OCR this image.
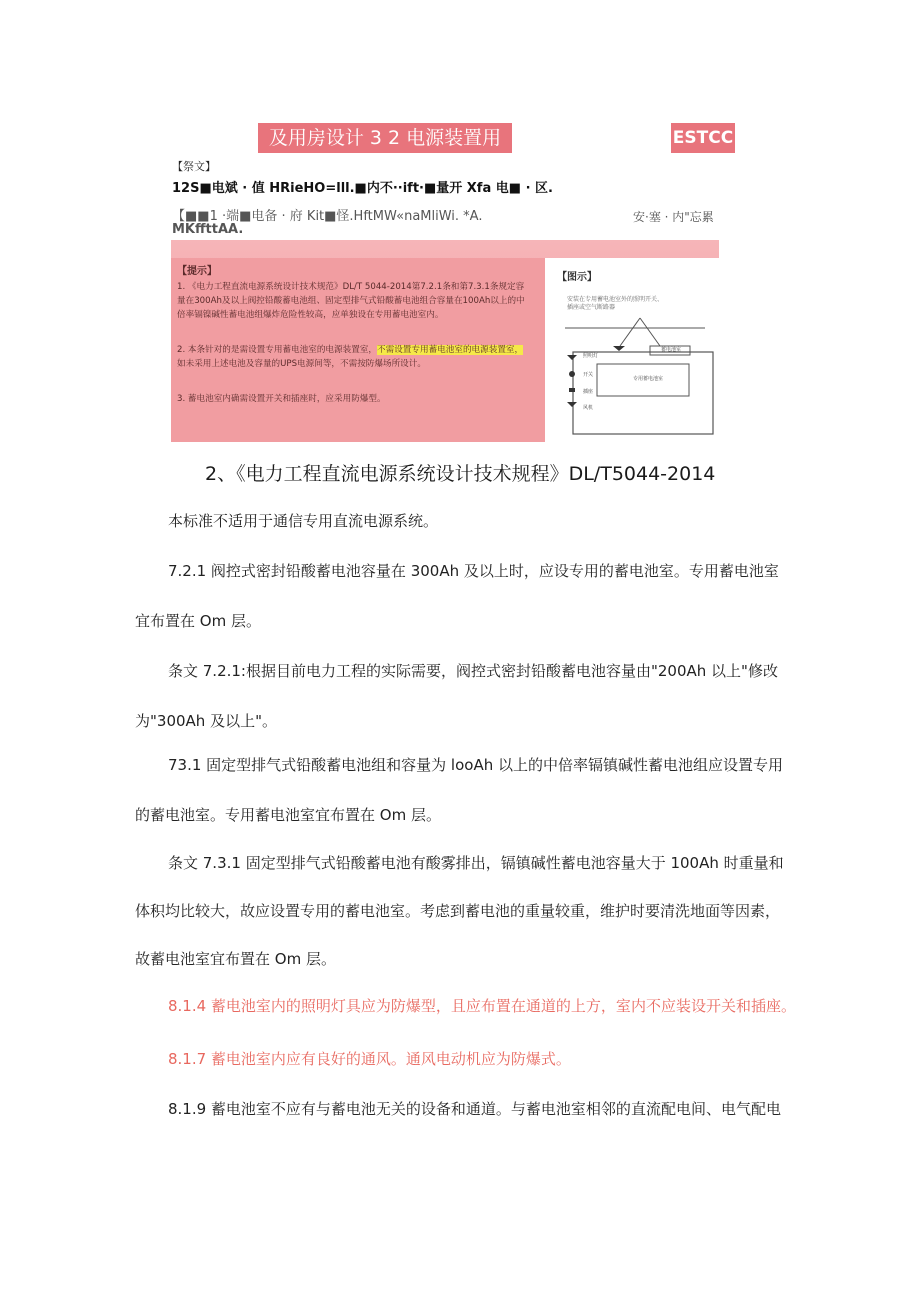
及用房设计 3 2 电源装置用	ESTCC
【祭文】
12S■电斌 · 值 HRieHO=lll.■内不··ift·■量开 Xfa 电■ · 区.
【■■1 ·端■电备 · 府 Kit■怪.HftMW«naMliWi. *A.	安·塞 · 内"忘累
MKffttAA.
【图示】
安装在专用蓄电池室外的照明开关、插座或空气断路器
蓄电池室
专用蓄电池室
照明灯
开关
插座
风机
【提示】
1. 《电力工程直流电源系统设计技术规范》DL/T 5044-2014第7.2.1条和第7.3.1条规定容量在300Ah及以上阀控铅酸蓄电池组、固定型排气式铅酸蓄电池组合容量在100Ah以上的中倍率镉镍碱性蓄电池组爆炸危险性较高，应单独设在专用蓄电池室内。
2. 本条针对的是需设置专用蓄电池室的电源装置室，不需设置专用蓄电池室的电源装置室，如未采用上述电池及容量的UPS电源间等，不需按防爆场所设计。
3. 蓄电池室内确需设置开关和插座时，应采用防爆型。
2、《电力工程直流电源系统设计技术规程》DL/T5044-2014
本标准不适用于通信专用直流电源系统。
7.2.1 阀控式密封铅酸蓄电池容量在 300Ah 及以上时，应设专用的蓄电池室。专用蓄电池室
宜布置在 Om 层。
条文 7.2.1:根据目前电力工程的实际需要，阀控式密封铅酸蓄电池容量由"200Ah 以上"修改
为"300Ah 及以上"。
73.1 固定型排气式铅酸蓄电池组和容量为 looAh 以上的中倍率镉镇碱性蓄电池组应设置专用
的蓄电池室。专用蓄电池室宜布置在 Om 层。
条文 7.3.1 固定型排气式铅酸蓄电池有酸雾排出，镉镇碱性蓄电池容量大于 100Ah 时重量和
体积均比较大，故应设置专用的蓄电池室。考虑到蓄电池的重量较重，维护时要清洗地面等因素，
故蓄电池室宜布置在 Om 层。
8.1.4 蓄电池室内的照明灯具应为防爆型，且应布置在通道的上方，室内不应装设开关和插座。
8.1.7 蓄电池室内应有良好的通风。通风电动机应为防爆式。
8.1.9 蓄电池室不应有与蓄电池无关的设备和通道。与蓄电池室相邻的直流配电间、电气配电
